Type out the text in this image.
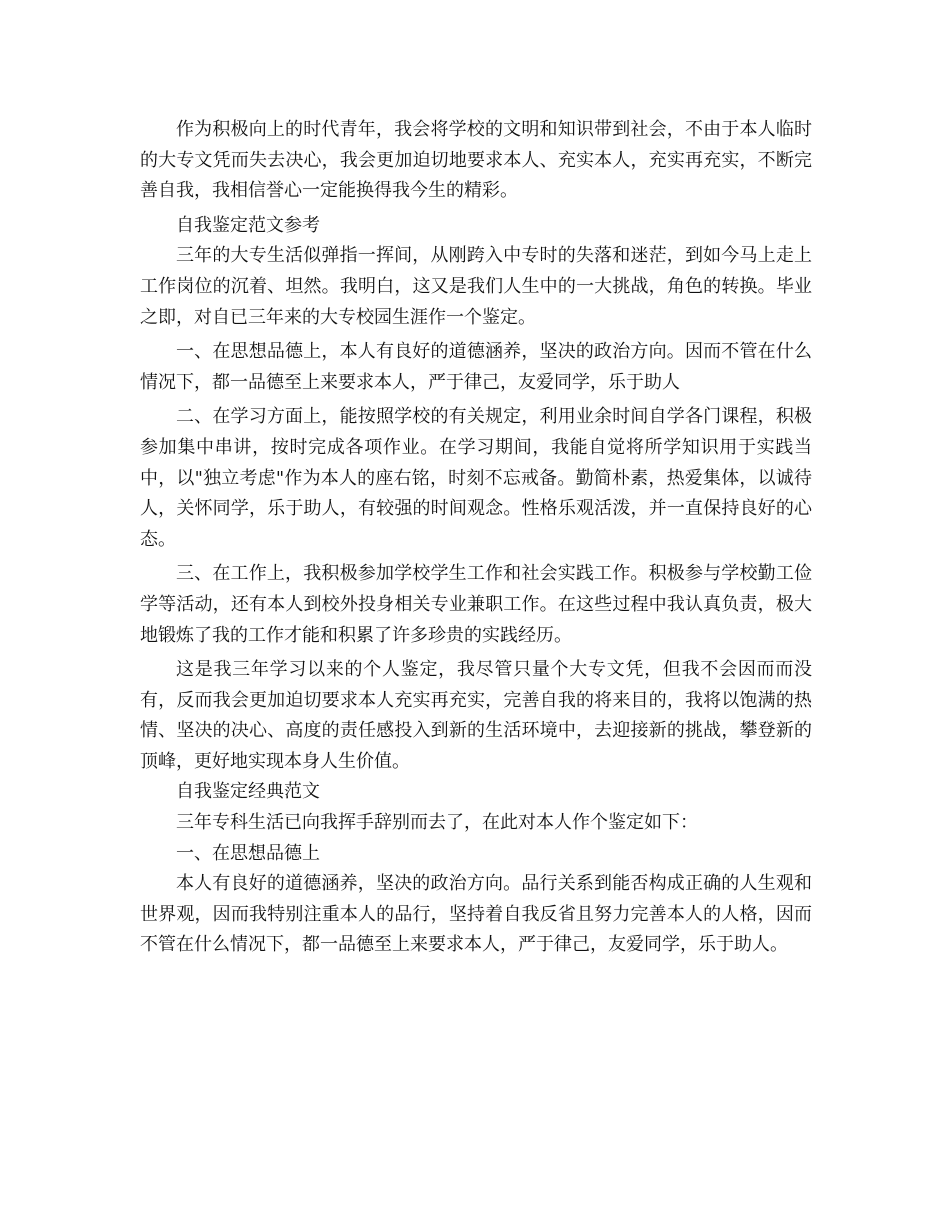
作为积极向上的时代青年，我会将学校的文明和知识带到社会，不由于本人临时的大专文凭而失去决心，我会更加迫切地要求本人、充实本人，充实再充实，不断完善自我，我相信誉心一定能换得我今生的精彩。

自我鉴定范文参考

三年的大专生活似弹指一挥间，从刚跨入中专时的失落和迷茫，到如今马上走上工作岗位的沉着、坦然。我明白，这又是我们人生中的一大挑战，角色的转换。毕业之即，对自已三年来的大专校园生涯作一个鉴定。

一、在思想品德上，本人有良好的道德涵养，坚决的政治方向。因而不管在什么情况下，都一品德至上来要求本人，严于律己，友爱同学，乐于助人

二、在学习方面上，能按照学校的有关规定，利用业余时间自学各门课程，积极参加集中串讲，按时完成各项作业。在学习期间，我能自觉将所学知识用于实践当中，以"独立考虑"作为本人的座右铭，时刻不忘戒备。勤简朴素，热爱集体，以诚待人，关怀同学，乐于助人，有较强的时间观念。性格乐观活泼，并一直保持良好的心态。

三、在工作上，我积极参加学校学生工作和社会实践工作。积极参与学校勤工俭学等活动，还有本人到校外投身相关专业兼职工作。在这些过程中我认真负责，极大地锻炼了我的工作才能和积累了许多珍贵的实践经历。

这是我三年学习以来的个人鉴定，我尽管只量个大专文凭，但我不会因而而没有，反而我会更加迫切要求本人充实再充实，完善自我的将来目的，我将以饱满的热情、坚决的决心、高度的责任感投入到新的生活环境中，去迎接新的挑战，攀登新的顶峰，更好地实现本身人生价值。

自我鉴定经典范文

三年专科生活已向我挥手辞别而去了，在此对本人作个鉴定如下：

一、在思想品德上

本人有良好的道德涵养，坚决的政治方向。品行关系到能否构成正确的人生观和世界观，因而我特别注重本人的品行，坚持着自我反省且努力完善本人的人格，因而不管在什么情况下，都一品德至上来要求本人，严于律己，友爱同学，乐于助人。
